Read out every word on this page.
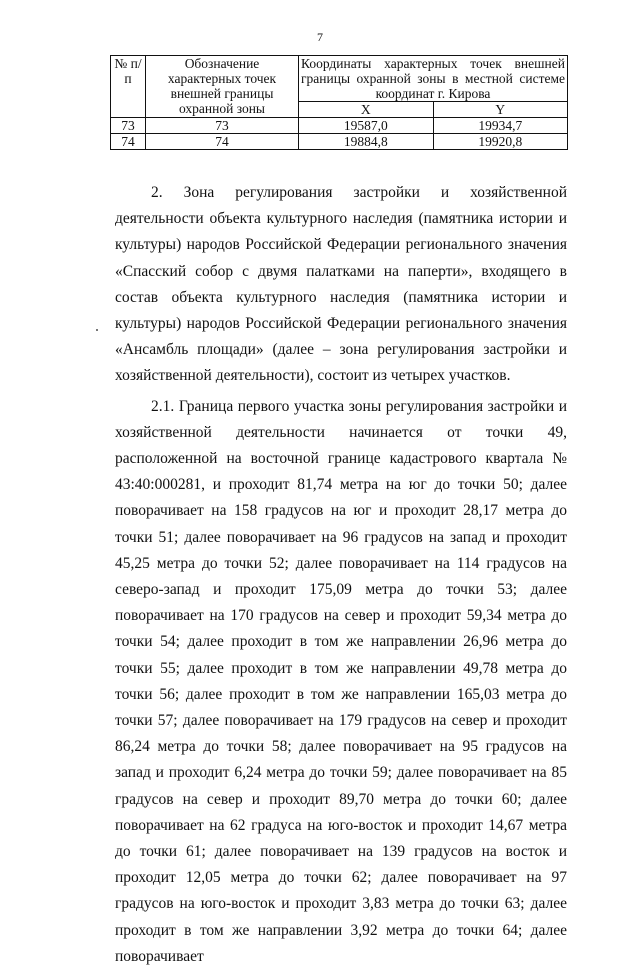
7
№ п/п	Обозначение характерных точек внешней границы охранной зоны	Координаты характерных точек внешней границы охранной зоны в местной системе координат г. Кирова	
		X	Y
73	73	19587,0	19934,7
74	74	19884,8	19920,8

2. Зона регулирования застройки и хозяйственной деятельности объекта культурного наследия (памятника истории и культуры) народов Российской Федерации регионального значения «Спасский собор с двумя палатками на паперти», входящего в состав объекта культурного наследия (памятника истории и культуры) народов Российской Федерации регионального значения «Ансамбль площади» (далее – зона регулирования застройки и хозяйственной деятельности), состоит из четырех участков.

2.1. Граница первого участка зоны регулирования застройки и хозяйственной деятельности начинается от точки 49, расположенной на восточной границе кадастрового квартала № 43:40:000281, и проходит 81,74 метра на юг до точки 50; далее поворачивает на 158 градусов на юг и проходит 28,17 метра до точки 51; далее поворачивает на 96 градусов на запад и проходит 45,25 метра до точки 52; далее поворачивает на 114 градусов на северо-запад и проходит 175,09 метра до точки 53; далее поворачивает на 170 градусов на север и проходит 59,34 метра до точки 54; далее проходит в том же направлении 26,96 метра до точки 55; далее проходит в том же направлении 49,78 метра до точки 56; далее проходит в том же направлении 165,03 метра до точки 57; далее поворачивает на 179 градусов на север и проходит 86,24 метра до точки 58; далее поворачивает на 95 градусов на запад и проходит 6,24 метра до точки 59; далее поворачивает на 85 градусов на север и проходит 89,70 метра до точки 60; далее поворачивает на 62 градуса на юго-восток и проходит 14,67 метра до точки 61; далее поворачивает на 139 градусов на восток и проходит 12,05 метра до точки 62; далее поворачивает на 97 градусов на юго-восток и проходит 3,83 метра до точки 63; далее проходит в том же направлении 3,92 метра до точки 64; далее поворачивает
